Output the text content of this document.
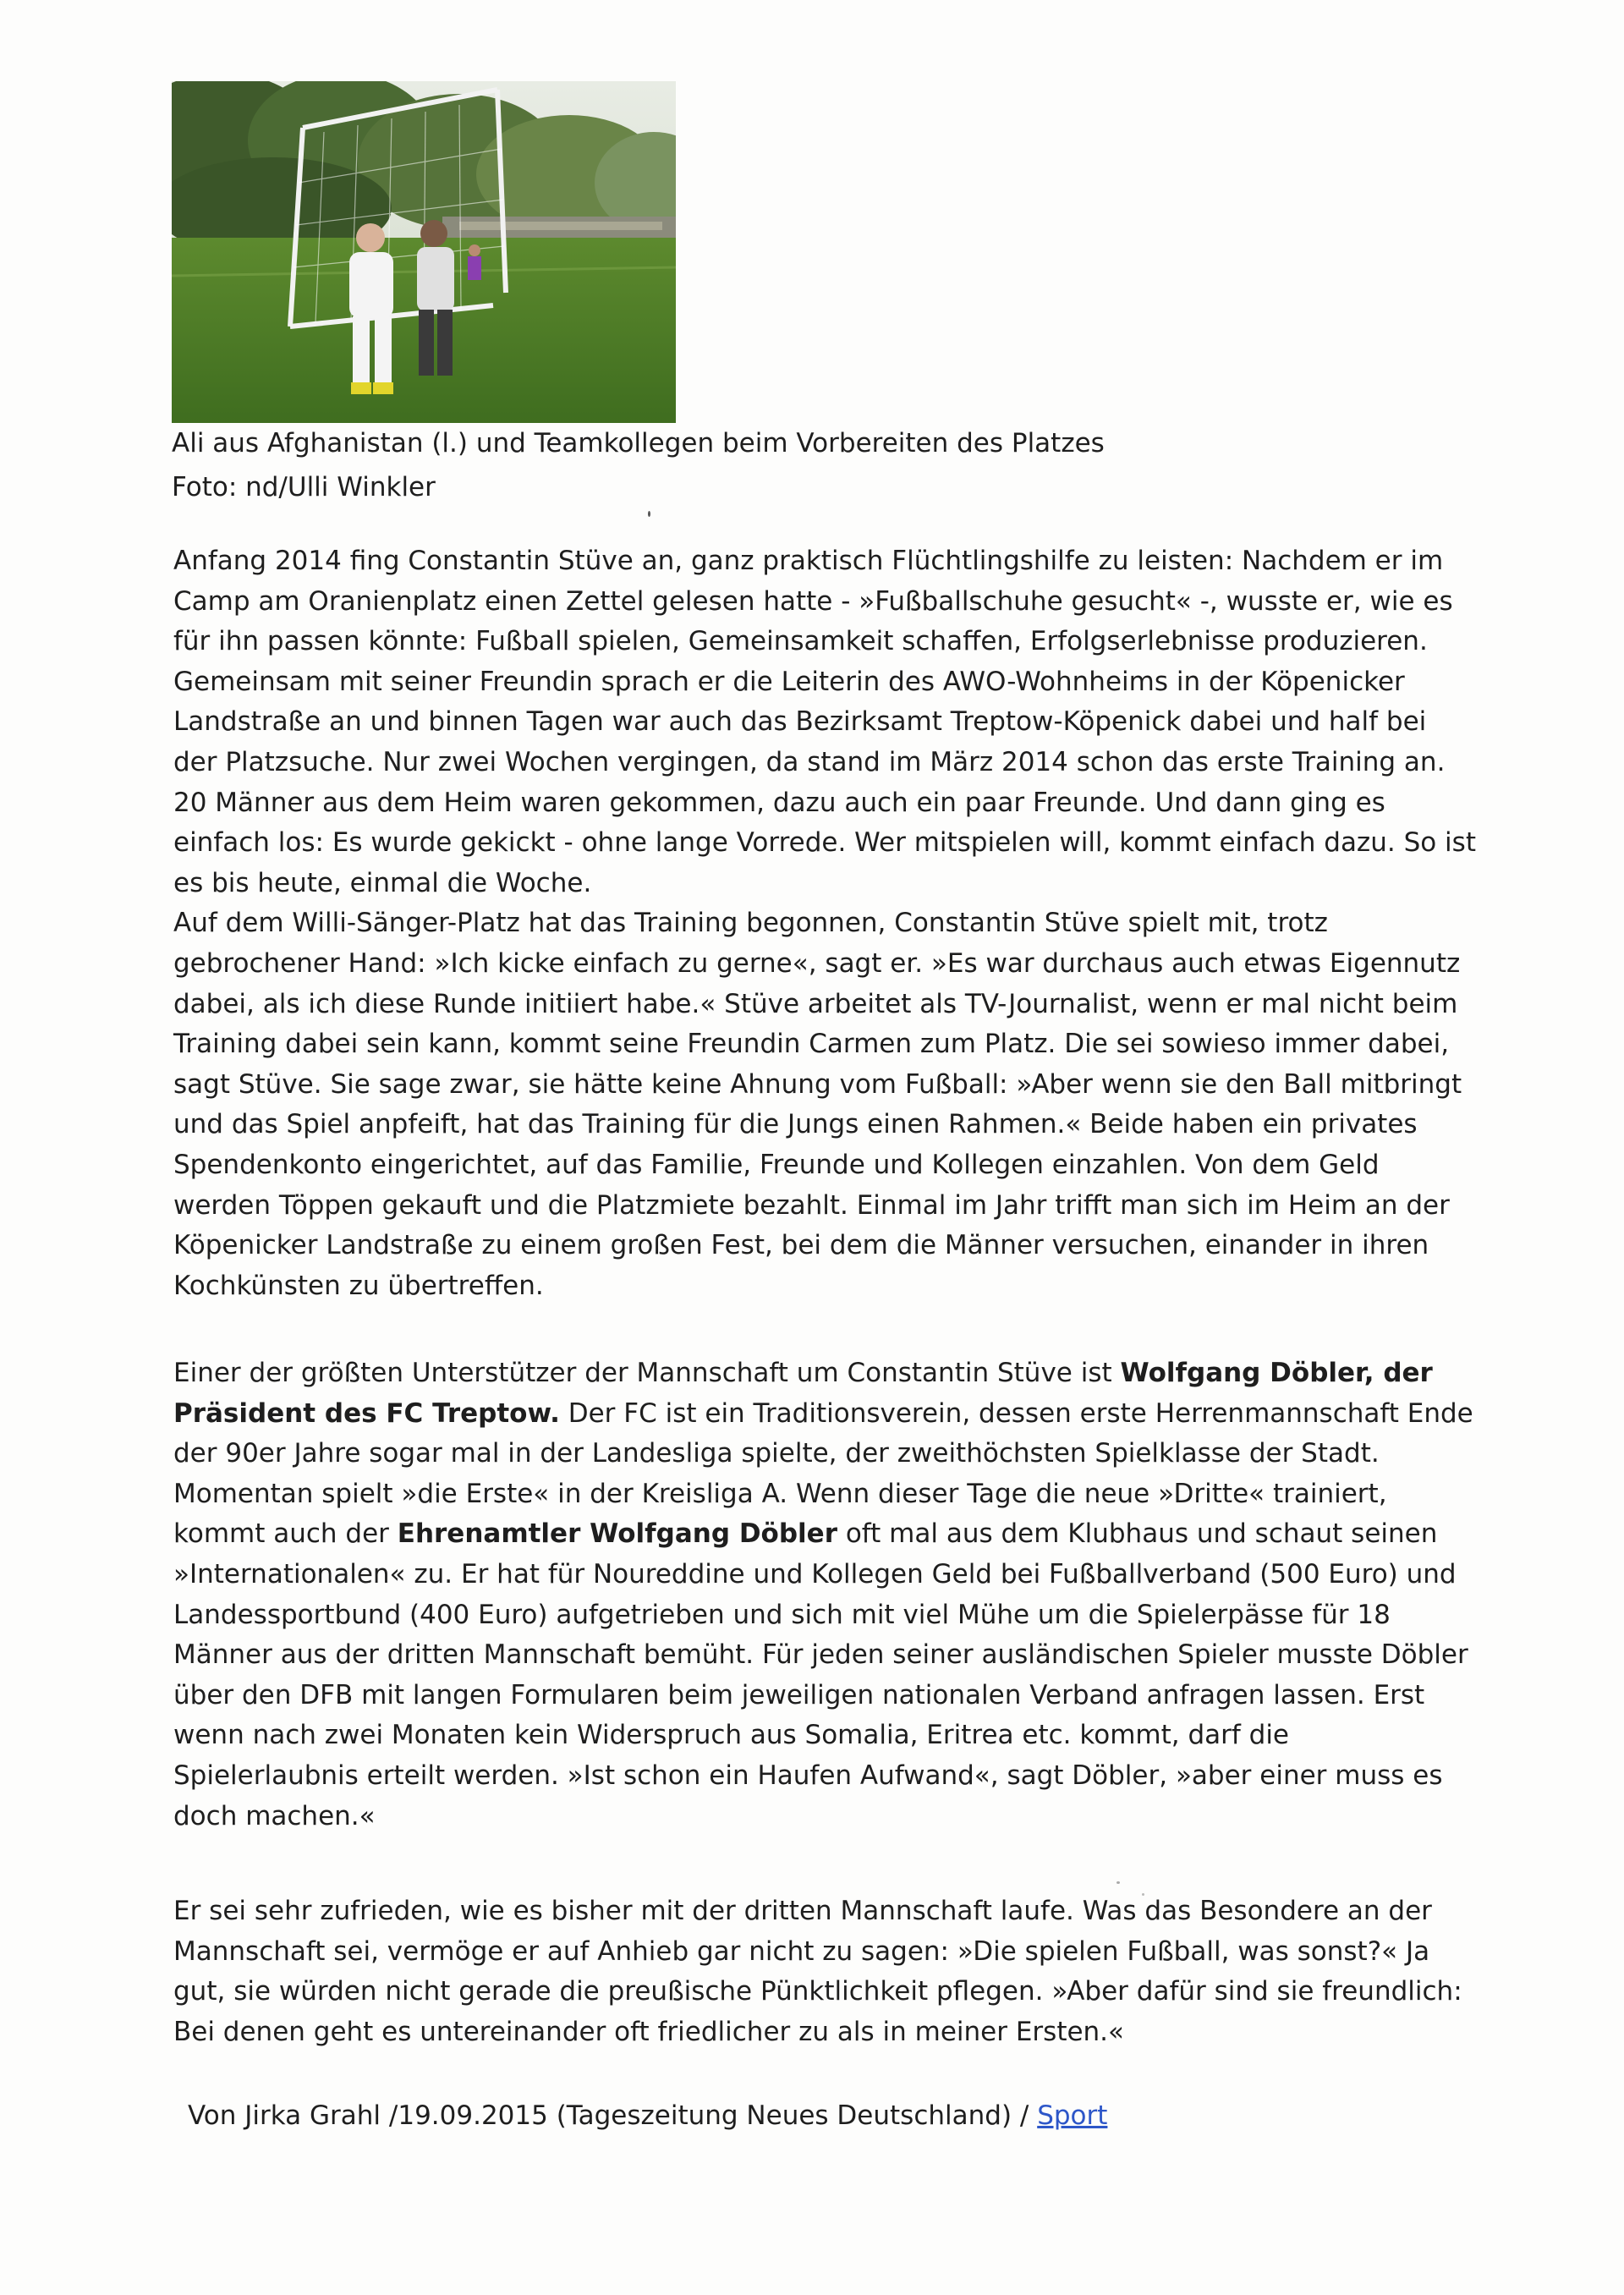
Ali aus Afghanistan (l.) und Teamkollegen beim Vorbereiten des Platzes
Foto: nd/Ulli Winkler

Anfang 2014 fing Constantin Stüve an, ganz praktisch Flüchtlingshilfe zu leisten: Nachdem er im Camp am Oranienplatz einen Zettel gelesen hatte - »Fußballschuhe gesucht« -, wusste er, wie es für ihn passen könnte: Fußball spielen, Gemeinsamkeit schaffen, Erfolgserlebnisse produzieren. Gemeinsam mit seiner Freundin sprach er die Leiterin des AWO-Wohnheims in der Köpenicker Landstraße an und binnen Tagen war auch das Bezirksamt Treptow-Köpenick dabei und half bei der Platzsuche. Nur zwei Wochen vergingen, da stand im März 2014 schon das erste Training an. 20 Männer aus dem Heim waren gekommen, dazu auch ein paar Freunde. Und dann ging es einfach los: Es wurde gekickt - ohne lange Vorrede. Wer mitspielen will, kommt einfach dazu. So ist es bis heute, einmal die Woche.

Auf dem Willi-Sänger-Platz hat das Training begonnen, Constantin Stüve spielt mit, trotz gebrochener Hand: »Ich kicke einfach zu gerne«, sagt er. »Es war durchaus auch etwas Eigennutz dabei, als ich diese Runde initiiert habe.« Stüve arbeitet als TV-Journalist, wenn er mal nicht beim Training dabei sein kann, kommt seine Freundin Carmen zum Platz. Die sei sowieso immer dabei, sagt Stüve. Sie sage zwar, sie hätte keine Ahnung vom Fußball: »Aber wenn sie den Ball mitbringt und das Spiel anpfeift, hat das Training für die Jungs einen Rahmen.« Beide haben ein privates Spendenkonto eingerichtet, auf das Familie, Freunde und Kollegen einzahlen. Von dem Geld werden Töppen gekauft und die Platzmiete bezahlt. Einmal im Jahr trifft man sich im Heim an der Köpenicker Landstraße zu einem großen Fest, bei dem die Männer versuchen, einander in ihren Kochkünsten zu übertreffen.

Einer der größten Unterstützer der Mannschaft um Constantin Stüve ist Wolfgang Döbler, der Präsident des FC Treptow. Der FC ist ein Traditionsverein, dessen erste Herrenmannschaft Ende der 90er Jahre sogar mal in der Landesliga spielte, der zweithöchsten Spielklasse der Stadt. Momentan spielt »die Erste« in der Kreisliga A. Wenn dieser Tage die neue »Dritte« trainiert, kommt auch der Ehrenamtler Wolfgang Döbler oft mal aus dem Klubhaus und schaut seinen »Internationalen« zu. Er hat für Noureddine und Kollegen Geld bei Fußballverband (500 Euro) und Landessportbund (400 Euro) aufgetrieben und sich mit viel Mühe um die Spielerpässe für 18 Männer aus der dritten Mannschaft bemüht. Für jeden seiner ausländischen Spieler musste Döbler über den DFB mit langen Formularen beim jeweiligen nationalen Verband anfragen lassen. Erst wenn nach zwei Monaten kein Widerspruch aus Somalia, Eritrea etc. kommt, darf die Spielerlaubnis erteilt werden. »Ist schon ein Haufen Aufwand«, sagt Döbler, »aber einer muss es doch machen.«

Er sei sehr zufrieden, wie es bisher mit der dritten Mannschaft laufe. Was das Besondere an der Mannschaft sei, vermöge er auf Anhieb gar nicht zu sagen: »Die spielen Fußball, was sonst?« Ja gut, sie würden nicht gerade die preußische Pünktlichkeit pflegen. »Aber dafür sind sie freundlich: Bei denen geht es untereinander oft friedlicher zu als in meiner Ersten.«

Von Jirka Grahl /19.09.2015 (Tageszeitung Neues Deutschland) / Sport
